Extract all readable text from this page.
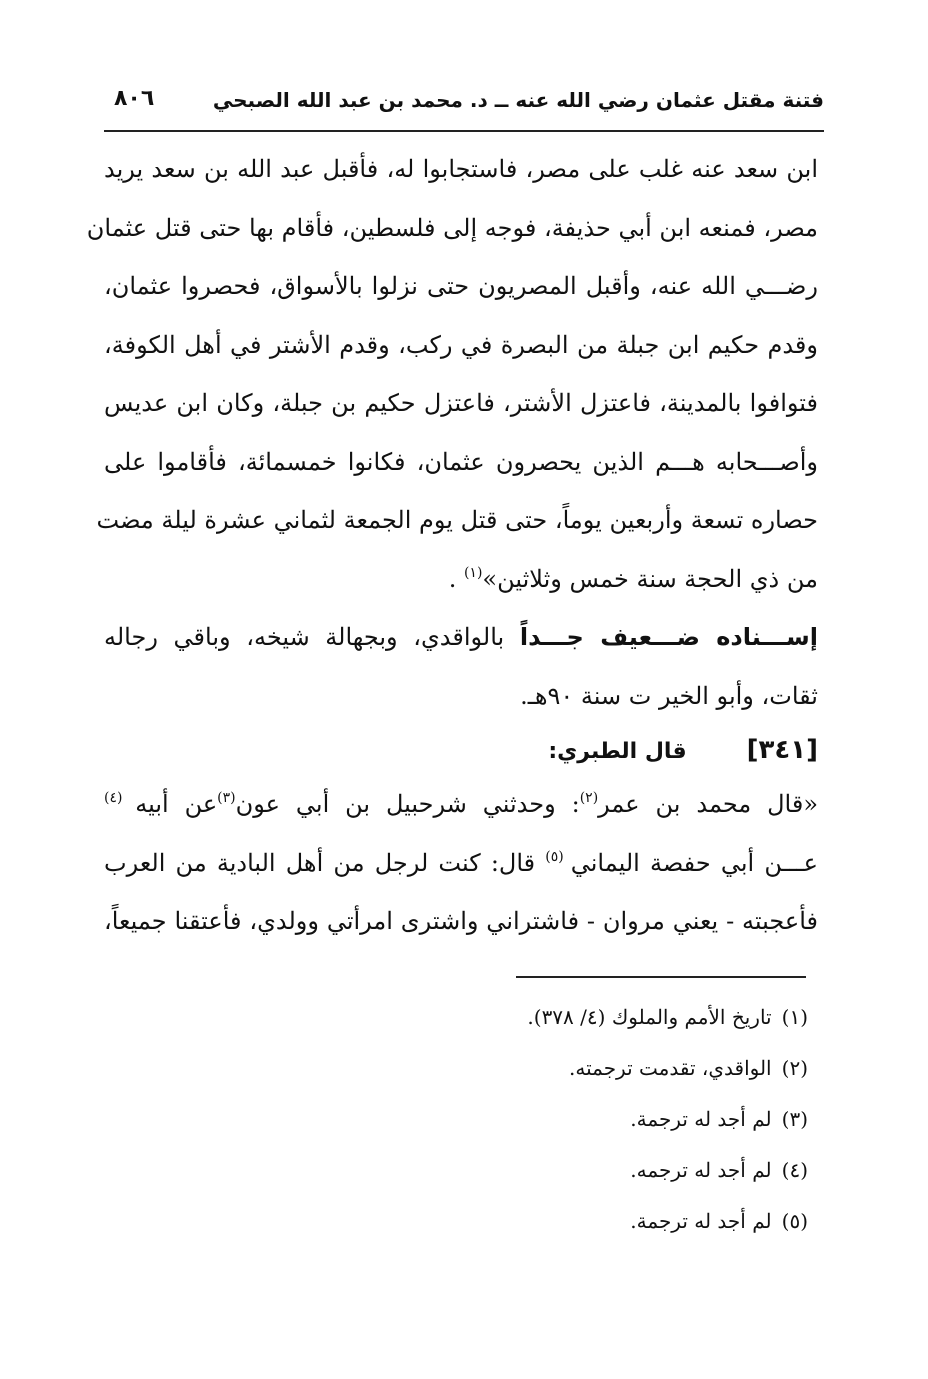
فتنة مقتل عثمان رضي الله عنه ــ د. محمد بن عبد الله الصبحي
٨٠٦
ابن سعد عنه غلب على مصر، فاستجابوا له، فأقبل عبد الله بن سعد يريد
مصر، فمنعه ابن أبي حذيفة، فوجه إلى فلسطين، فأقام بها حتى قتل عثمان
رضـــي الله عنه، وأقبل المصريون حتى نزلوا بالأسواق، فحصروا عثمان،
وقدم حكيم ابن جبلة من البصرة في ركب، وقدم الأشتر في أهل الكوفة،
فتوافوا بالمدينة، فاعتزل الأشتر، فاعتزل حكيم بن جبلة، وكان ابن عديس
وأصـــحابه هـــم الذين يحصرون عثمان، فكانوا خمسمائة، فأقاموا على
حصاره تسعة وأربعين يوماً، حتى قتل يوم الجمعة لثماني عشرة ليلة مضت
من ذي الحجة سنة خمس وثلاثين»$^{(١)}$ .
إســـناده ضـــعيف جـــداً بالواقدي، وبجهالة شيخه، وباقي رجاله
ثقات، وأبو الخير ت سنة ٩٠هـ.
[٣٤١]قال الطبري:
«قال محمد بن عمر$^{(٢)}$: وحدثني شرحبيل بن أبي عون$^{(٣)}$عن أبيه $^{(٤)}$
عـــن أبي حفصة اليماني $^{(٥)}$ قال: كنت لرجل من أهل البادية من العرب
فأعجبته - يعني مروان - فاشتراني واشترى امرأتي وولدي، فأعتقنا جميعاً،
(١)تاريخ الأمم والملوك (٤/ ٣٧٨).
(٢)الواقدي، تقدمت ترجمته.
(٣)لم أجد له ترجمة.
(٤)لم أجد له ترجمه.
(٥)لم أجد له ترجمة.
